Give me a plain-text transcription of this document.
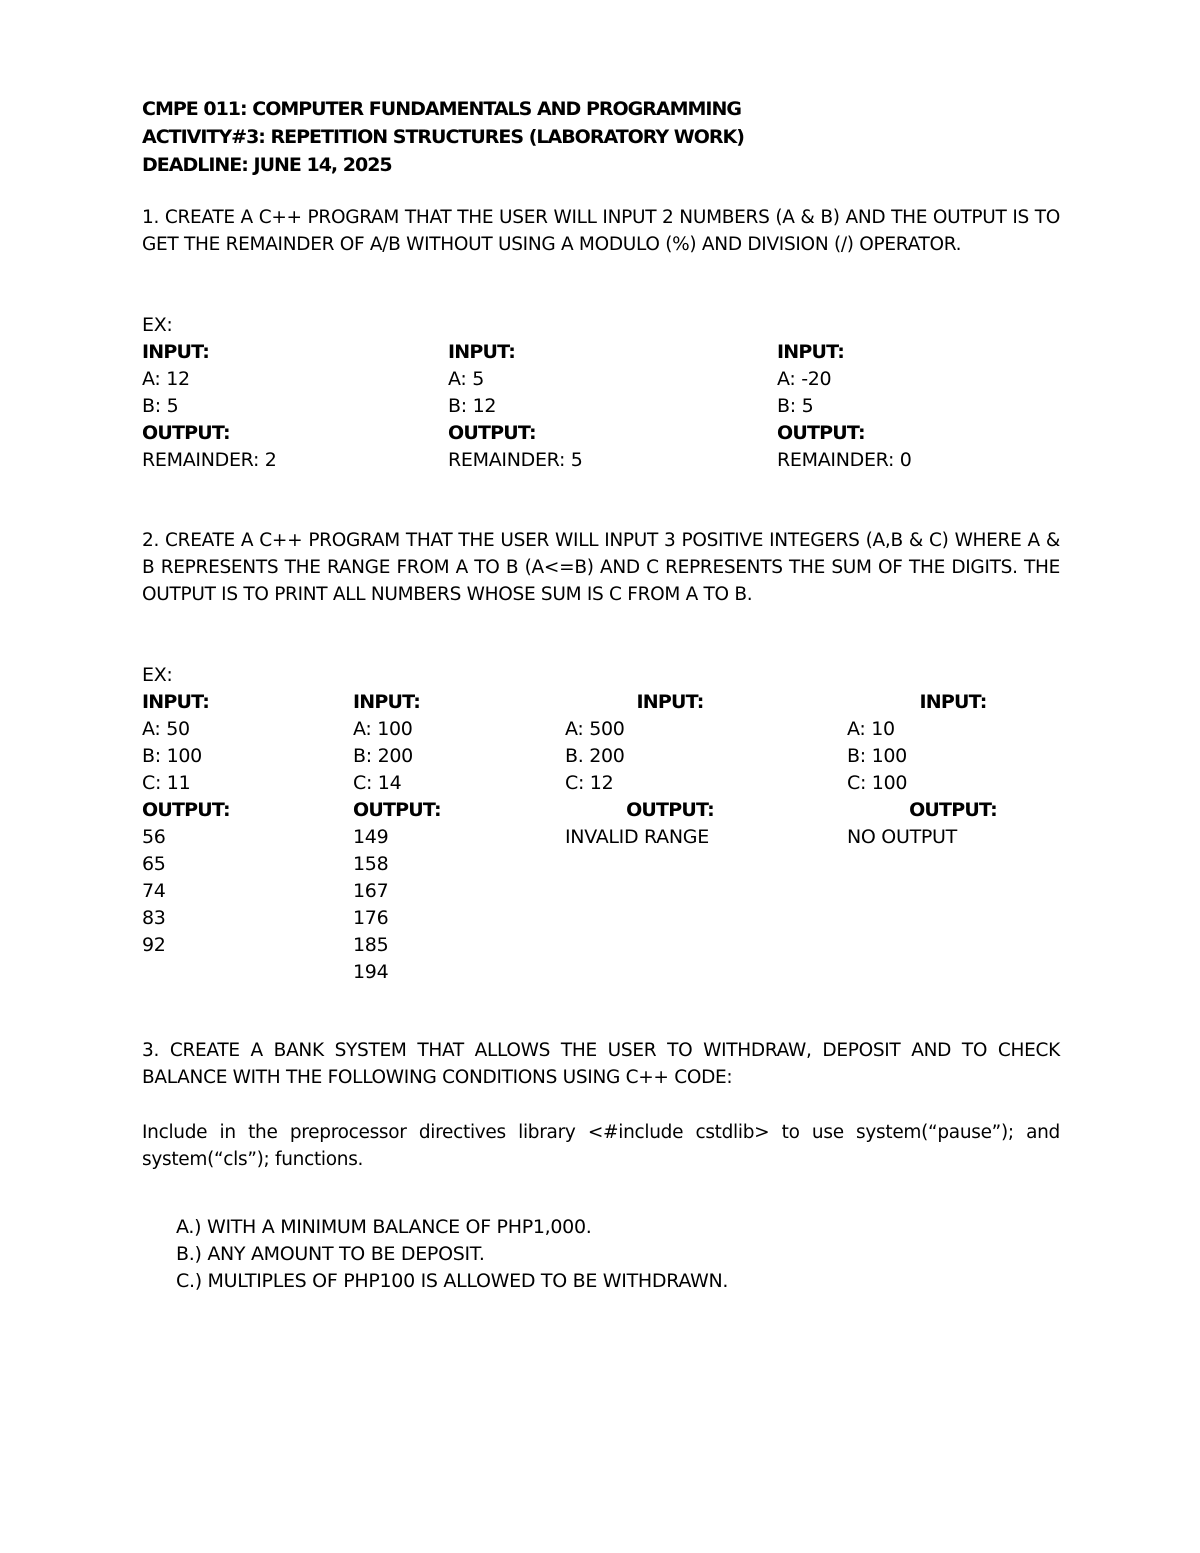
CMPE 011: COMPUTER FUNDAMENTALS AND PROGRAMMING
ACTIVITY#3: REPETITION STRUCTURES (LABORATORY WORK)
DEADLINE: JUNE 14, 2025
1. CREATE A C++ PROGRAM THAT THE USER WILL INPUT 2 NUMBERS (A & B) AND THE OUTPUT IS TO GET THE REMAINDER OF A/B WITHOUT USING A MODULO (%) AND DIVISION (/) OPERATOR.
EX:
INPUT:
A: 12
B: 5
OUTPUT:
REMAINDER: 2
INPUT:
A: 5
B: 12
OUTPUT:
REMAINDER: 5
INPUT:
A: -20
B: 5
OUTPUT:
REMAINDER: 0
2. CREATE A C++ PROGRAM THAT THE USER WILL INPUT 3 POSITIVE INTEGERS (A,B & C) WHERE A & B REPRESENTS THE RANGE FROM A TO B (A<=B) AND C REPRESENTS THE SUM OF THE DIGITS. THE OUTPUT IS TO PRINT ALL NUMBERS WHOSE SUM IS C FROM A TO B.
EX:
INPUT:
A: 50
B: 100
C: 11
OUTPUT:
56
65
74
83
92
INPUT:
A: 100
B: 200
C: 14
OUTPUT:
149
158
167
176
185
194
INPUT:
A: 500
B. 200
C: 12
OUTPUT:
INVALID RANGE
INPUT:
A: 10
B: 100
C: 100
OUTPUT:
NO OUTPUT
3. CREATE A BANK SYSTEM THAT ALLOWS THE USER TO WITHDRAW, DEPOSIT AND TO CHECK BALANCE WITH THE FOLLOWING CONDITIONS USING C++ CODE:
Include in the preprocessor directives library <#include cstdlib> to use system(“pause”); and system(“cls”); functions.
A.) WITH A MINIMUM BALANCE OF PHP1,000.
B.) ANY AMOUNT TO BE DEPOSIT.
C.) MULTIPLES OF PHP100 IS ALLOWED TO BE WITHDRAWN.
